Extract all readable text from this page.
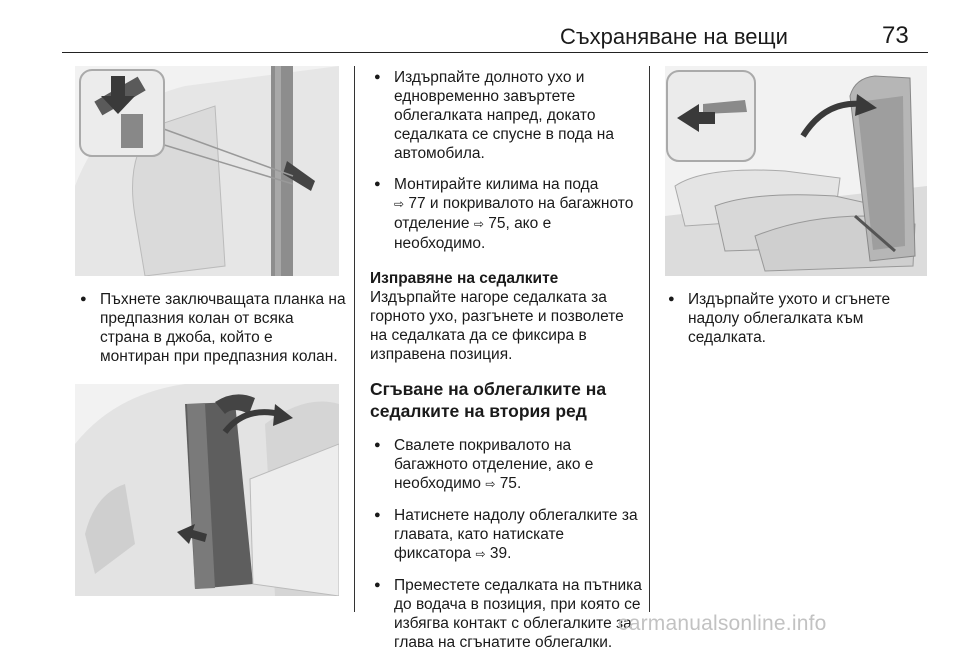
Съхраняване на вещи	73
● Пъхнете заключващата планка на предпазния колан от всяка страна в джоба, който е монтиран при предпазния колан.
● Издърпайте долното ухо и едновременно завъртете облегалката напред, докато седалката се спусне в пода на автомобила.
● Монтирайте килима на пода
⇨ 77 и покривалото на багажното отделение ⇨ 75, ако е необходимо.
Изправяне на седалките
Издърпайте нагоре седалката за горното ухо, разгънете и позволете на седалката да се фиксира в изправена позиция.
Сгъване на облегалките на седалките на втория ред
● Свалете покривалото на багажното отделение, ако е необходимо ⇨ 75.
● Натиснете надолу облегалките за главата, като натискате фиксатора ⇨ 39.
● Преместете седалката на пътника до водача в позиция, при която се избягва контакт с облегалките за глава на сгънатите облегалки.
● Издърпайте ухото и сгънете надолу облегалката към седалката.
carmanualsonline.info
